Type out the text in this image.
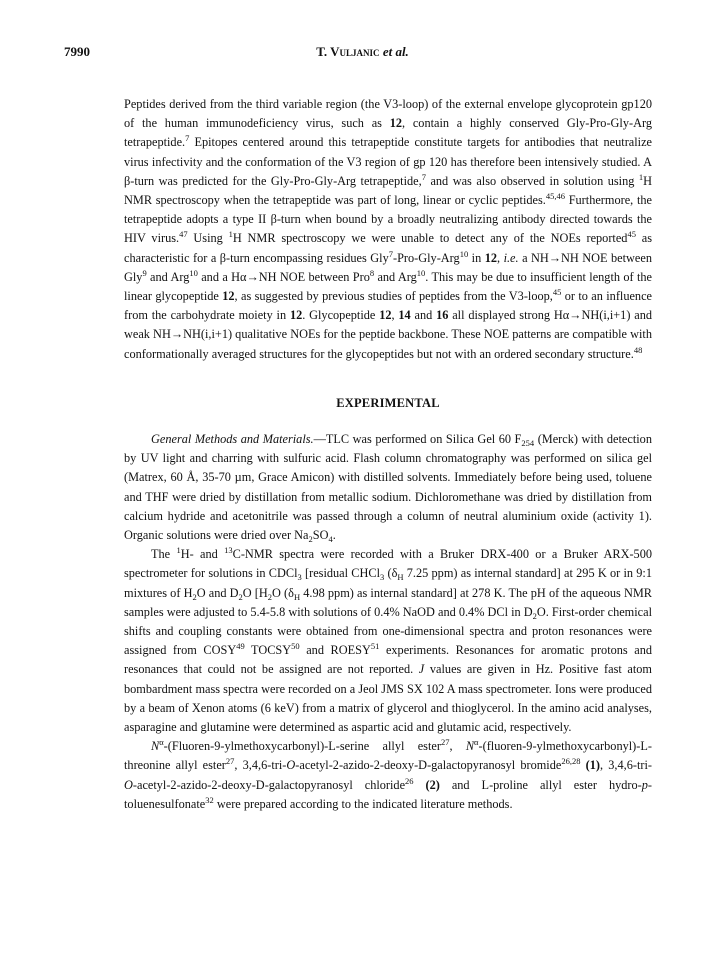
7990	T. Vuljanic et al.

Peptides derived from the third variable region (the V3-loop) of the external envelope glycoprotein gp120 of the human immunodeficiency virus, such as 12, contain a highly conserved Gly-Pro-Gly-Arg tetrapeptide.$^7$ Epitopes centered around this tetrapeptide constitute targets for antibodies that neutralize virus infectivity and the conformation of the V3 region of gp 120 has therefore been intensively studied. A β-turn was predicted for the Gly-Pro-Gly-Arg tetrapeptide,$^7$ and was also observed in solution using $^1$H NMR spectroscopy when the tetrapeptide was part of long, linear or cyclic peptides.$^{45,46}$ Furthermore, the tetrapeptide adopts a type II β-turn when bound by a broadly neutralizing antibody directed towards the HIV virus.$^{47}$ Using $^1$H NMR spectroscopy we were unable to detect any of the NOEs reported$^{45}$ as characteristic for a β-turn encompassing residues Gly$^7$-Pro-Gly-Arg$^{10}$ in 12, i.e. a NH→NH NOE between Gly$^9$ and Arg$^{10}$ and a Hα→NH NOE between Pro$^8$ and Arg$^{10}$. This may be due to insufficient length of the linear glycopeptide 12, as suggested by previous studies of peptides from the V3-loop,$^{45}$ or to an influence from the carbohydrate moiety in 12. Glycopeptide 12, 14 and 16 all displayed strong Hα→NH(i,i+1) and weak NH→NH(i,i+1) qualitative NOEs for the peptide backbone. These NOE patterns are compatible with conformationally averaged structures for the glycopeptides but not with an ordered secondary structure.$^{48}$

EXPERIMENTAL

General Methods and Materials.—TLC was performed on Silica Gel 60 $F_{254}$ (Merck) with detection by UV light and charring with sulfuric acid. Flash column chromatography was performed on silica gel (Matrex, 60 Å, 35-70 µm, Grace Amicon) with distilled solvents. Immediately before being used, toluene and THF were dried by distillation from metallic sodium. Dichloromethane was dried by distillation from calcium hydride and acetonitrile was passed through a column of neutral aluminium oxide (activity 1). Organic solutions were dried over $Na_2SO_4$.

The $^1$H- and $^{13}$C-NMR spectra were recorded with a Bruker DRX-400 or a Bruker ARX-500 spectrometer for solutions in CDCl$_3$ [residual CHCl$_3$ ($\delta_H$ 7.25 ppm) as internal standard] at 295 K or in 9:1 mixtures of $H_2O$ and $D_2O$ [$H_2O$ ($\delta_H$ 4.98 ppm) as internal standard] at 278 K. The pH of the aqueous NMR samples were adjusted to 5.4-5.8 with solutions of 0.4% NaOD and 0.4% DCl in $D_2O$. First-order chemical shifts and coupling constants were obtained from one-dimensional spectra and proton resonances were assigned from COSY$^{49}$ TOCSY$^{50}$ and ROESY$^{51}$ experiments. Resonances for aromatic protons and resonances that could not be assigned are not reported. J values are given in Hz. Positive fast atom bombardment mass spectra were recorded on a Jeol JMS SX 102 A mass spectrometer. Ions were produced by a beam of Xenon atoms (6 keV) from a matrix of glycerol and thioglycerol. In the amino acid analyses, asparagine and glutamine were determined as aspartic acid and glutamic acid, respectively.

$N^\alpha-(Fluoren-9-ylmethoxycarbonyl)-L$-serine allyl ester$^{27}$, $N^\alpha-(fluoren-9-ylmethoxycarbonyl)-L$-threonine allyl ester$^{27}$, 3,4,6-tri-O-acetyl-2-azido-2-deoxy-D-galactopyranosyl bromide$^{26,28}$ (1), 3,4,6-tri-O-acetyl-2-azido-2-deoxy-D-galactopyranosyl chloride$^{26}$ (2) and L-proline allyl ester hydro-p-toluenesulfonate$^{32}$ were prepared according to the indicated literature methods.
